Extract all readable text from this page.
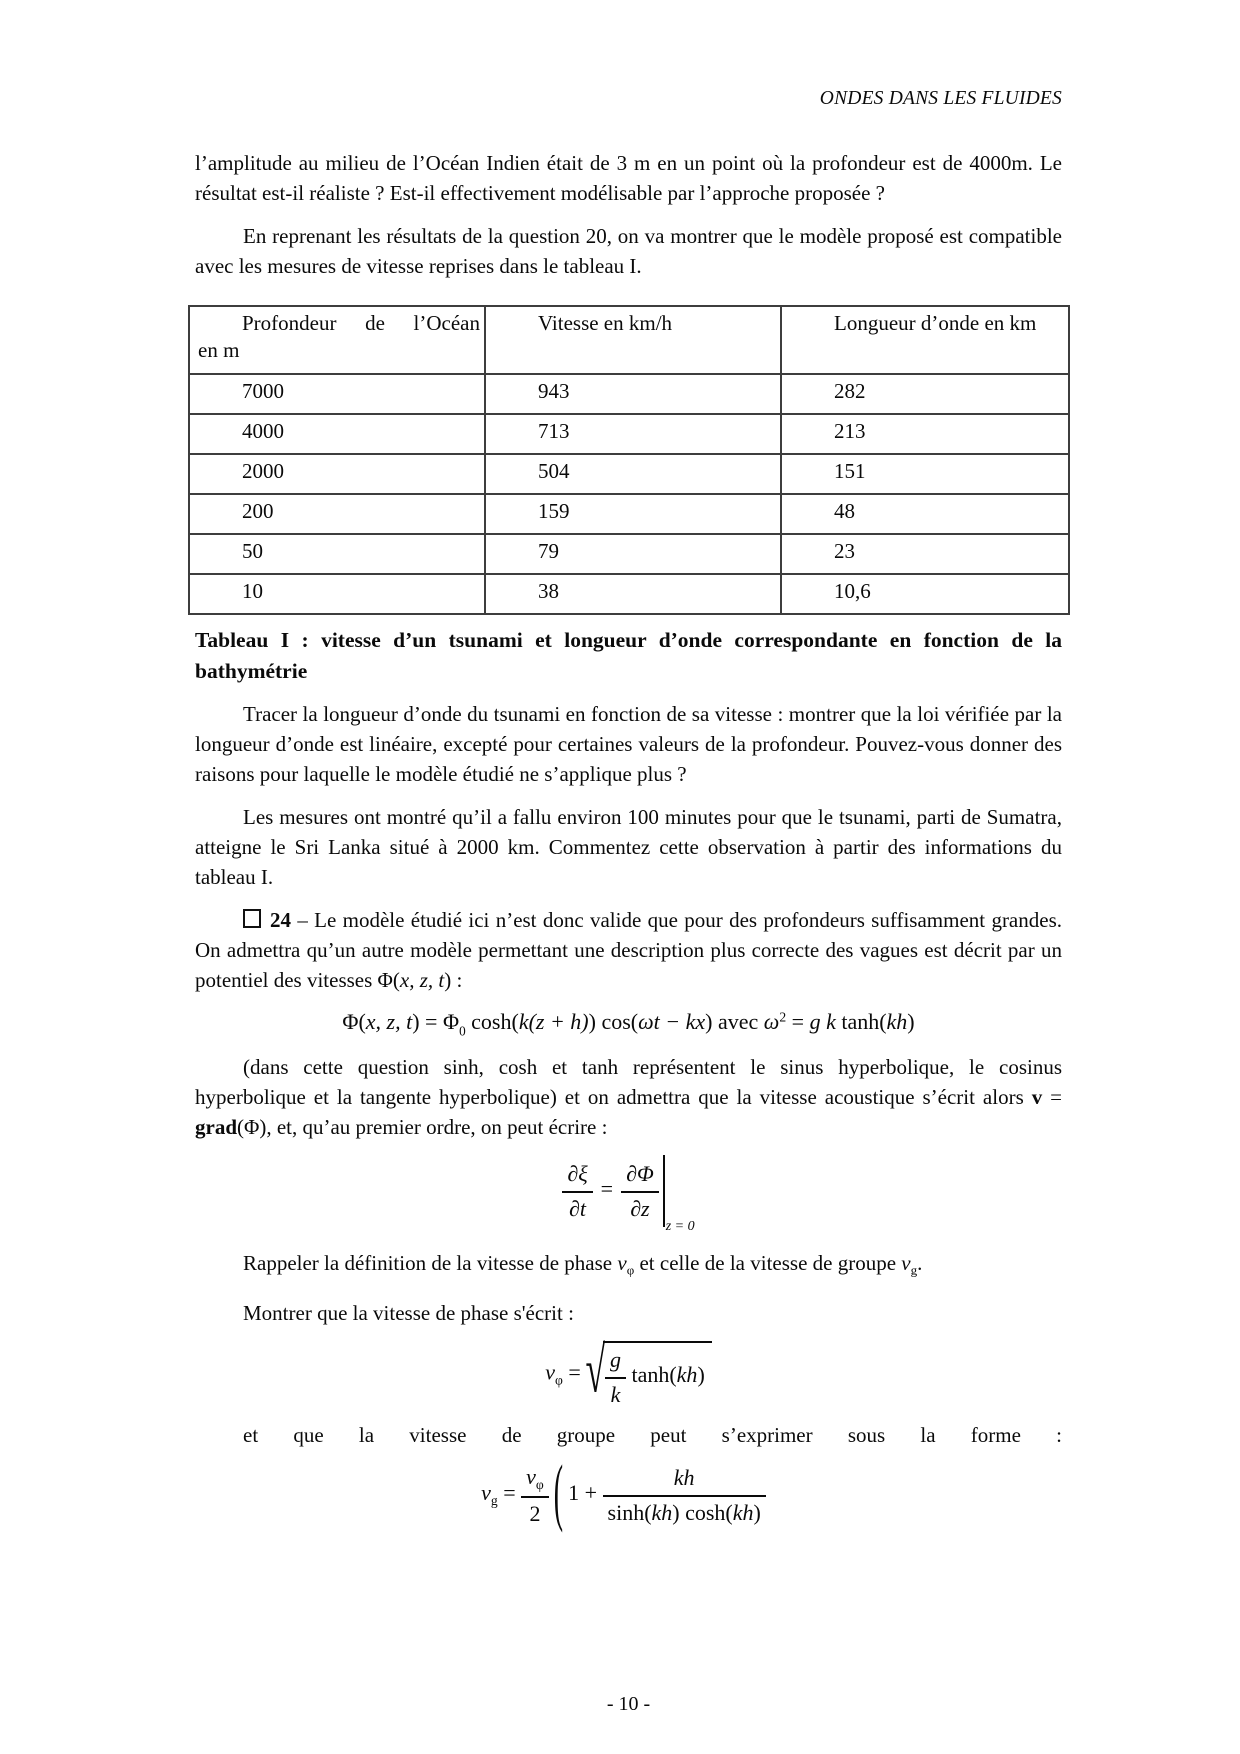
ONDES DANS LES FLUIDES

l’amplitude au milieu de l’Océan Indien était de 3 m en un point où la profondeur est de 4000m. Le résultat est-il réaliste ? Est-il effectivement modélisable par l’approche proposée ?

En reprenant les résultats de la question 20, on va montrer que le modèle proposé est compatible avec les mesures de vitesse reprises dans le tableau I.

Profondeur de l’Océan
en m	Vitesse en km/h	Longueur d’onde en km
7000	943	282
4000	713	213
2000	504	151
200	159	48
50	79	23
10	38	10,6

Tableau I : vitesse d’un tsunami et longueur d’onde correspondante en fonction de la bathymétrie

Tracer la longueur d’onde du tsunami en fonction de sa vitesse : montrer que la loi vérifiée par la longueur d’onde est linéaire, excepté pour certaines valeurs de la profondeur. Pouvez-vous donner des raisons pour laquelle le modèle étudié ne s’applique plus ?

Les mesures ont montré qu’il a fallu environ 100 minutes pour que le tsunami, parti de Sumatra, atteigne le Sri Lanka situé à 2000 km. Commentez cette observation à partir des informations du tableau I.

24 – Le modèle étudié ici n’est donc valide que pour des profondeurs suffisamment grandes. On admettra qu’un autre modèle permettant une description plus correcte des vagues est décrit par un potentiel des vitesses Φ(x, z, t) :

Φ(x, z, $t) = \Phi_0$ cosh(k(z + h)) cos(ωt − kx) avec $\omega^2 = g$ k tanh(kh)

(dans cette question sinh, cosh et tanh représentent le sinus hyperbolique, le cosinus hyperbolique et la tangente hyperbolique) et on admettra que la vitesse acoustique s’écrit alors v = grad(Φ), et, qu’au premier ordre, on peut écrire :

$\frac{\partial\xi}{\partial t} = \frac{\partial\Phi}{\partial z}$
$_{z = 0}$

Rappeler la définition de la vitesse de phase $v_\varphi$ et celle de la vitesse de groupe $v_g$.

Montrer que la vitesse de phase s'écrit :

$v_\varphi$ = √ $\frac{g}{k} \tanh(kh)$

et que la vitesse de groupe peut s’exprimer sous la forme :

$v_g = \frac{v_\varphi}{2}$ ( $1 + \frac{kh}{\sinh(kh) \cosh(kh)}$
- 10 -
